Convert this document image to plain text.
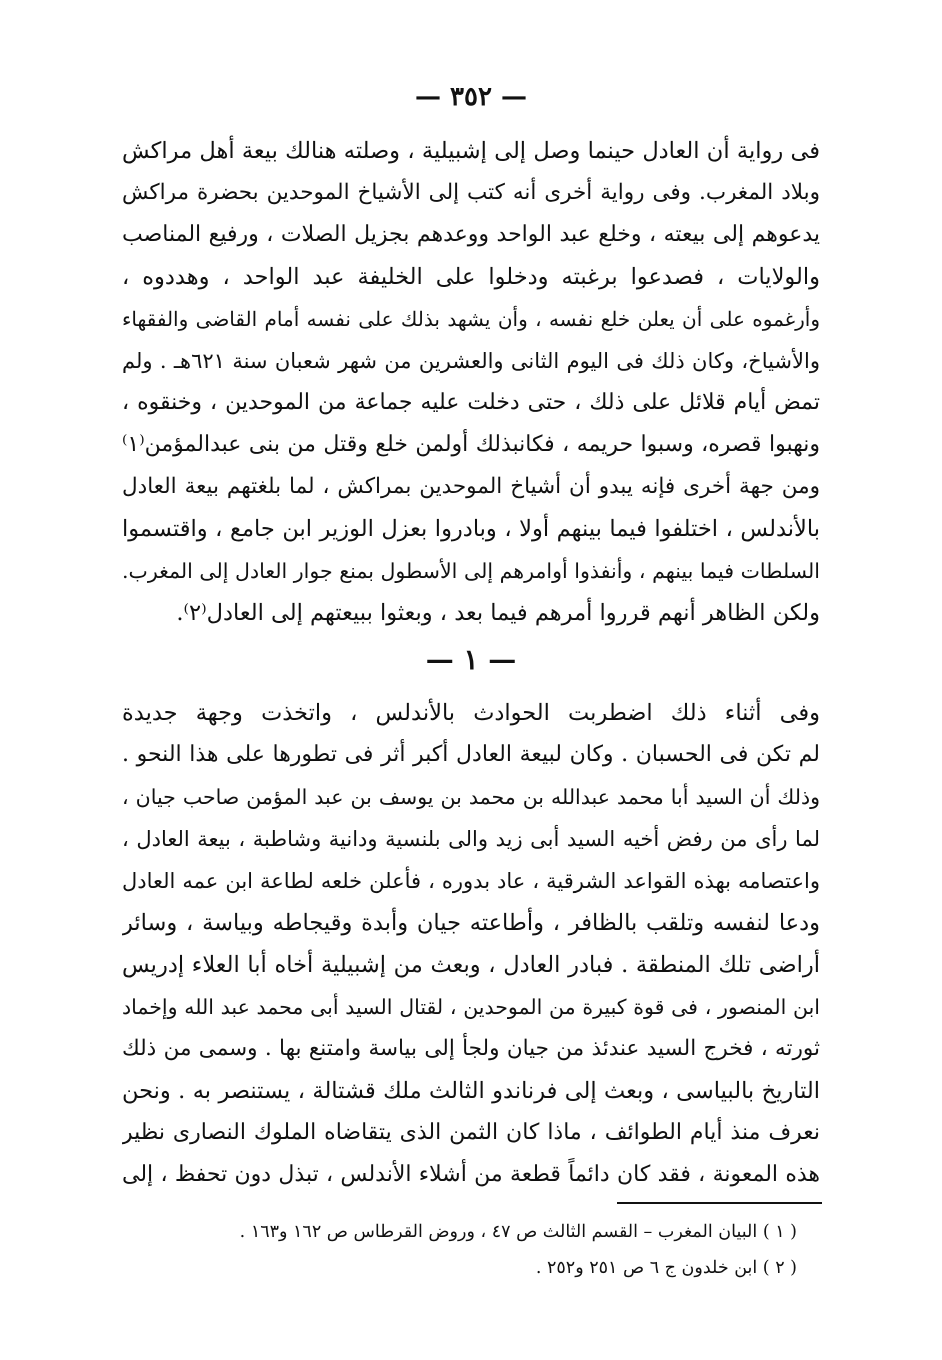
— ٣٥٢ —
فى رواية أن العادل حينما وصل إلى إشبيلية ، وصلته هنالك بيعة أهل مراكش
وبلاد المغرب. وفى رواية أخرى أنه كتب إلى الأشياخ الموحدين بحضرة مراكش
يدعوهم إلى بيعته ، وخلع عبد الواحد ووعدهم بجزيل الصلات ، ورفيع المناصب
والولايات ، فصدعوا برغبته ودخلوا على الخليفة عبد الواحد ، وهددوه ،
وأرغموه على أن يعلن خلع نفسه ، وأن يشهد بذلك على نفسه أمام القاضى والفقهاء
والأشياخ، وكان ذلك فى اليوم الثانى والعشرين من شهر شعبان سنة ٦٢١هـ . ولم
تمض أيام قلائل على ذلك ، حتى دخلت عليه جماعة من الموحدين ، وخنقوه ،
ونهبوا قصره، وسبوا حريمه ، فكانبذلك أولمن خلع وقتل من بنى عبدالمؤمن⁽١⁾
ومن جهة أخرى فإنه يبدو أن أشياخ الموحدين بمراكش ، لما بلغتهم بيعة العادل
بالأندلس ، اختلفوا فيما بينهم أولا ، وبادروا بعزل الوزير ابن جامع ، واقتسموا
السلطات فيما بينهم ، وأنفذوا أوامرهم إلى الأسطول بمنع جوار العادل إلى المغرب.
ولكن الظاهر أنهم قرروا أمرهم فيما بعد ، وبعثوا ببيعتهم إلى العادل⁽٢⁾.
— ١ —
وفى أثناء ذلك اضطربت الحوادث بالأندلس ، واتخذت وجهة جديدة
لم تكن فى الحسبان . وكان لبيعة العادل أكبر أثر فى تطورها على هذا النحو .
وذلك أن السيد أبا محمد عبدالله بن محمد بن يوسف بن عبد المؤمن صاحب جيان ،
لما رأى من رفض أخيه السيد أبى زيد والى بلنسية ودانية وشاطبة ، بيعة العادل ،
واعتصامه بهذه القواعد الشرقية ، عاد بدوره ، فأعلن خلعه لطاعة ابن عمه العادل
ودعا لنفسه وتلقب بالظافر ، وأطاعته جيان وأبدة وقيجاطه وبياسة ، وسائر
أراضى تلك المنطقة . فبادر العادل ، وبعث من إشبيلية أخاه أبا العلاء إدريس
ابن المنصور ، فى قوة كبيرة من الموحدين ، لقتال السيد أبى محمد عبد الله وإخماد
ثورته ، فخرج السيد عندئذ من جيان ولجأ إلى بياسة وامتنع بها . وسمى من ذلك
التاريخ بالبياسى ، وبعث إلى فرناندو الثالث ملك قشتالة ، يستنصر به . ونحن
نعرف منذ أيام الطوائف ، ماذا كان الثمن الذى يتقاضاه الملوك النصارى نظير
هذه المعونة ، فقد كان دائماً قطعة من أشلاء الأندلس ، تبذل دون تحفظ ، إلى
( ١ ) البيان المغرب – القسم الثالث ص ٤٧ ، وروض القرطاس ص ١٦٢ و١٦٣ .
( ٢ ) ابن خلدون ج ٦ ص ٢٥١ و٢٥٢ .
